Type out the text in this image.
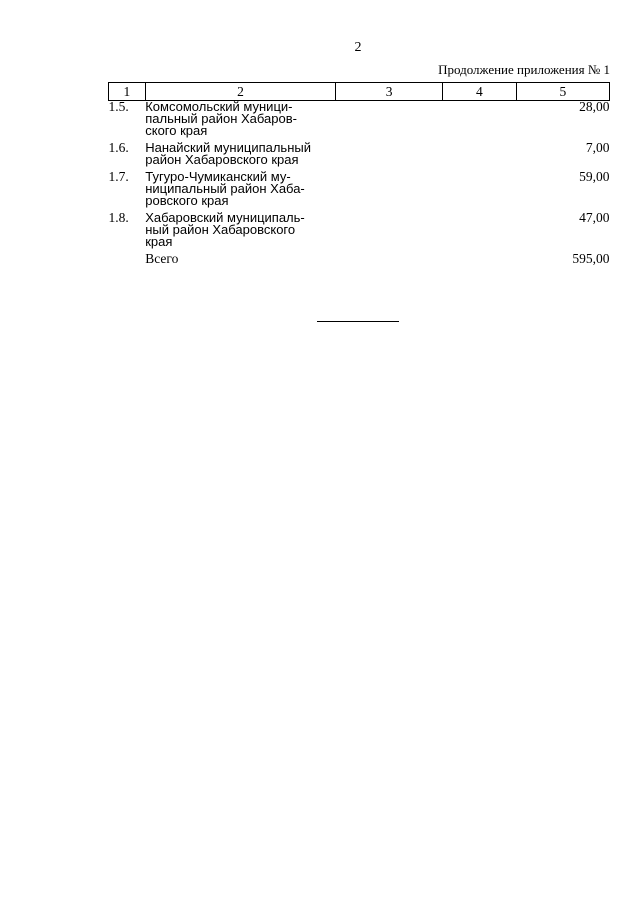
2
Продолжение приложения № 1
1	2	3	4	5
1.5.	Комсомольский муници-
пальный район Хабаров-
ского края			28,00
1.6.	Нанайский муниципальный
район Хабаровского края			7,00
1.7.	Тугуро-Чумиканский му-
ниципальный район Хаба-
ровского края			59,00
1.8.	Хабаровский муниципаль-
ный район Хабаровского
края			47,00
	Всего			595,00
